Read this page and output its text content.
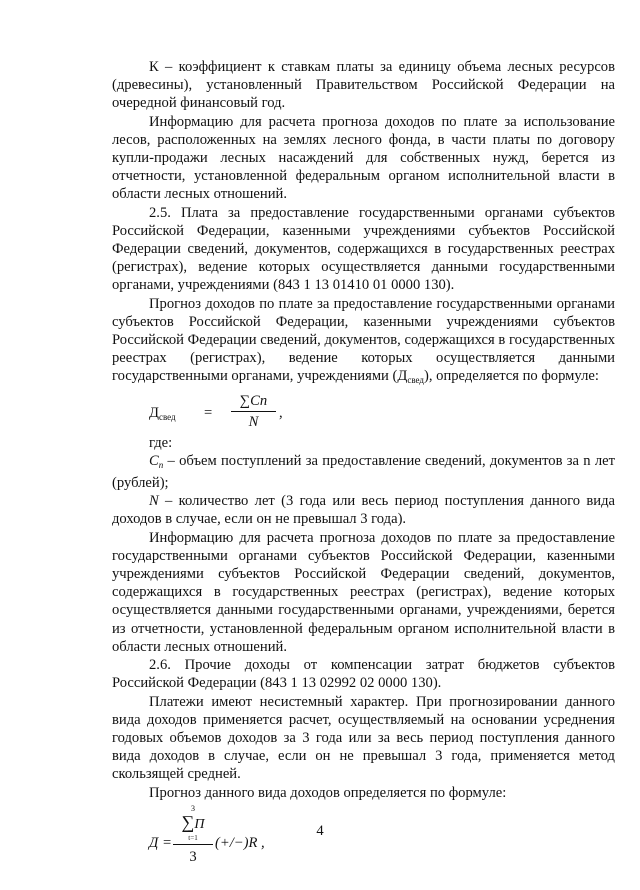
К – коэффициент к ставкам платы за единицу объема лесных ресурсов (древесины), установленный Правительством Российской Федерации на очередной финансовый год.

Информацию для расчета прогноза доходов по плате за использование лесов, расположенных на землях лесного фонда, в части платы по договору купли-продажи лесных насаждений для собственных нужд, берется из отчетности, установленной федеральным органом исполнительной власти в области лесных отношений.

2.5. Плата за предоставление государственными органами субъектов Российской Федерации, казенными учреждениями субъектов Российской Федерации сведений, документов, содержащихся в государственных реестрах (регистрах), ведение которых осуществляется данными государственными органами, учреждениями (843 1 13 01410 01 0000 130).

Прогноз доходов по плате за предоставление государственными органами субъектов Российской Федерации, казенными учреждениями субъектов Российской Федерации сведений, документов, содержащихся в государственных реестрах (регистрах), ведение которых осуществляется данными государственными органами, учреждениями $(Д_{свед})$, определяется по формуле:

$Д_{свед} = \frac{\sum Cn}{N}$ ,

где:

$C_n$ – объем поступлений за предоставление сведений, документов за n лет (рублей);

N – количество лет (3 года или весь период поступления данного вида доходов в случае, если он не превышал 3 года).

Информацию для расчета прогноза доходов по плате за предоставление государственными органами субъектов Российской Федерации, казенными учреждениями субъектов Российской Федерации сведений, документов, содержащихся в государственных реестрах (регистрах), ведение которых осуществляется данными государственными органами, учреждениями, берется из отчетности, установленной федеральным органом исполнительной власти в области лесных отношений.

2.6. Прочие доходы от компенсации затрат бюджетов субъектов Российской Федерации (843 1 13 02992 02 0000 130).

Платежи имеют несистемный характер. При прогнозировании данного вида доходов применяется расчет, осуществляемый на основании усреднения годовых объемов доходов за 3 года или за весь период поступления данного вида доходов в случае, если он не превышал 3 года, применяется метод скользящей средней.

Прогноз данного вида доходов определяется по формуле:

Д =
3
∑П
t=1
3
(+/−)R ,
4
